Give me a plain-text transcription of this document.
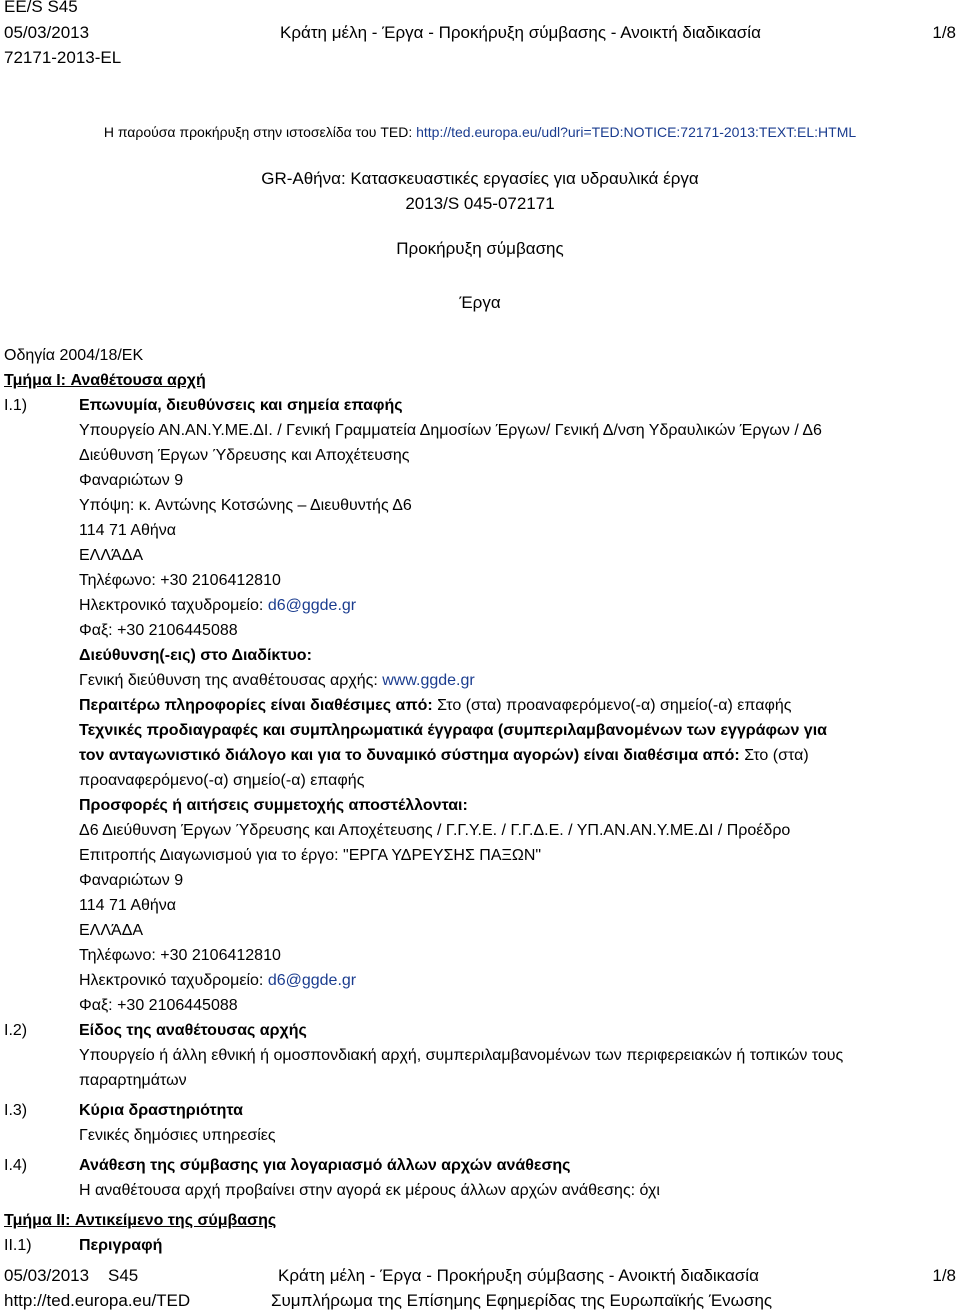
EE/S S45
05/03/2013
72171-2013-EL
Κράτη μέλη - Έργα - Προκήρυξη σύμβασης - Ανοικτή διαδικασία	1/8
Η παρούσα προκήρυξη στην ιστοσελίδα του TED: http://ted.europa.eu/udl?uri=TED:NOTICE:72171-2013:TEXT:EL:HTML
GR-Αθήνα: Κατασκευαστικές εργασίες για υδραυλικά έργα
2013/S 045-072171
Προκήρυξη σύμβασης
Έργα
Οδηγία 2004/18/ΕΚ
Τμήμα I: Αναθέτουσα αρχή
I.1)	Επωνυμία, διευθύνσεις και σημεία επαφής
Υπουργείο ΑΝ.ΑΝ.Υ.ΜΕ.ΔΙ. / Γενική Γραμματεία Δημοσίων Έργων/ Γενική Δ/νση Υδραυλικών Έργων / Δ6
Διεύθυνση Έργων Ύδρευσης και Αποχέτευσης
Φαναριώτων 9
Υπόψη: κ. Αντώνης Κοτσώνης – Διευθυντής Δ6
114 71 Αθήνα
ΕΛΛΆΔΑ
Τηλέφωνο: +30 2106412810
Ηλεκτρονικό ταχυδρομείο: d6@ggde.gr
Φαξ: +30 2106445088
Διεύθυνση(-εις) στο Διαδίκτυο:
Γενική διεύθυνση της αναθέτουσας αρχής: www.ggde.gr
Περαιτέρω πληροφορίες είναι διαθέσιμες από: Στο (στα) προαναφερόμενο(-α) σημείο(-α) επαφής
Τεχνικές προδιαγραφές και συμπληρωματικά έγγραφα (συμπεριλαμβανομένων των εγγράφων για
τον ανταγωνιστικό διάλογο και για το δυναμικό σύστημα αγορών) είναι διαθέσιμα από: Στο (στα)
προαναφερόμενο(-α) σημείο(-α) επαφής
Προσφορές ή αιτήσεις συμμετοχής αποστέλλονται:
Δ6 Διεύθυνση Έργων Ύδρευσης και Αποχέτευσης / Γ.Γ.Υ.Ε. / Γ.Γ.Δ.Ε. / ΥΠ.ΑΝ.ΑΝ.Υ.ΜΕ.ΔΙ / Προέδρο
Επιτροπής Διαγωνισμού για το έργο: "ΕΡΓΑ ΥΔΡΕΥΣΗΣ ΠΑΞΩΝ"
Φαναριώτων 9
114 71 Αθήνα
ΕΛΛΆΔΑ
Τηλέφωνο: +30 2106412810
Ηλεκτρονικό ταχυδρομείο: d6@ggde.gr
Φαξ: +30 2106445088
I.2)	Είδος της αναθέτουσας αρχής
Υπουργείο ή άλλη εθνική ή ομοσπονδιακή αρχή, συμπεριλαμβανομένων των περιφερειακών ή τοπικών τους
παραρτημάτων
I.3)	Κύρια δραστηριότητα
Γενικές δημόσιες υπηρεσίες
I.4)	Ανάθεση της σύμβασης για λογαριασμό άλλων αρχών ανάθεσης
Η αναθέτουσα αρχή προβαίνει στην αγορά εκ μέρους άλλων αρχών ανάθεσης: όχι
Τμήμα II: Αντικείμενο της σύμβασης
II.1)	Περιγραφή
05/03/2013 S45
http://ted.europa.eu/TED
Κράτη μέλη - Έργα - Προκήρυξη σύμβασης - Ανοικτή διαδικασία
Συμπλήρωμα της Επίσημης Εφημερίδας της Ευρωπαϊκής Ένωσης
1/8
